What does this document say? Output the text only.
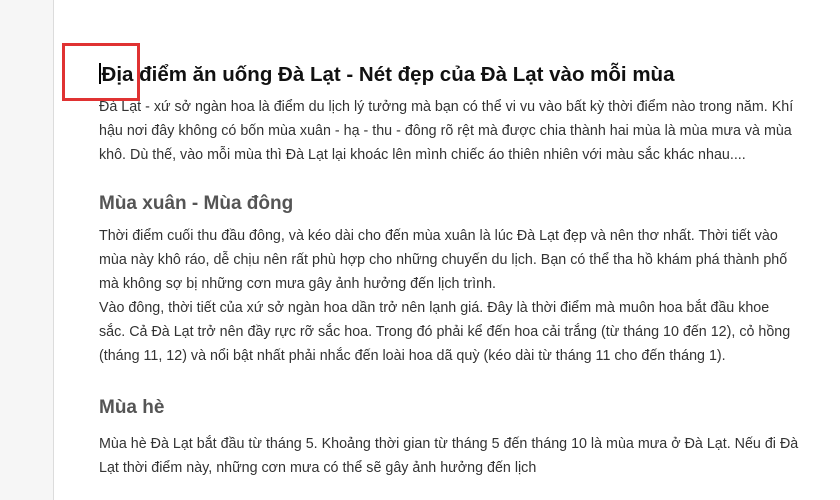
Địa điểm ăn uống Đà Lạt - Nét đẹp của Đà Lạt vào mỗi mùa

Đà Lạt - xứ sở ngàn hoa là điểm du lịch lý tưởng mà bạn có thể vi vu vào bất kỳ thời điểm nào trong năm. Khí hậu nơi đây không có bốn mùa xuân - hạ - thu - đông rõ rệt mà được chia thành hai mùa là mùa mưa và mùa khô. Dù thế, vào mỗi mùa thì Đà Lạt lại khoác lên mình chiếc áo thiên nhiên với màu sắc khác nhau....

Mùa xuân - Mùa đông

Thời điểm cuối thu đầu đông, và kéo dài cho đến mùa xuân là lúc Đà Lạt đẹp và nên thơ nhất. Thời tiết vào mùa này khô ráo, dễ chịu nên rất phù hợp cho những chuyến du lịch. Bạn có thể tha hồ khám phá thành phố mà không sợ bị những cơn mưa gây ảnh hưởng đến lịch trình.

Vào đông, thời tiết của xứ sở ngàn hoa dần trở nên lạnh giá. Đây là thời điểm mà muôn hoa bắt đầu khoe sắc. Cả Đà Lạt trở nên đầy rực rỡ sắc hoa. Trong đó phải kể đến hoa cải trắng (từ tháng 10 đến 12), cỏ hồng (tháng 11, 12) và nổi bật nhất phải nhắc đến loài hoa dã quỳ (kéo dài từ tháng 11 cho đến tháng 1).

Mùa hè

Mùa hè Đà Lạt bắt đầu từ tháng 5. Khoảng thời gian từ tháng 5 đến tháng 10 là mùa mưa ở Đà Lạt. Nếu đi Đà Lạt thời điểm này, những cơn mưa có thể sẽ gây ảnh hưởng đến lịch
